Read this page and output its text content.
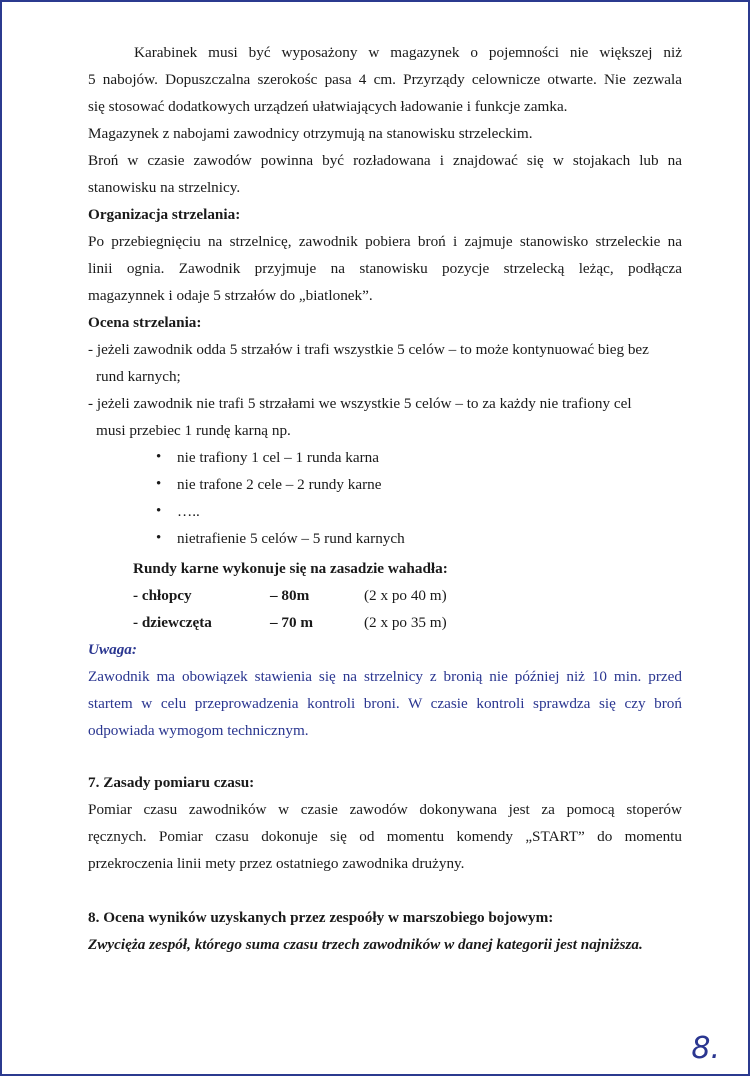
Karabinek musi być wyposażony w magazynek o pojemności nie większej niż

5 nabojów. Dopuszczalna szerokośc pasa 4 cm. Przyrządy celownicze otwarte. Nie zezwala

się stosować dodatkowych urządzeń ułatwiających ładowanie i funkcje zamka.

Magazynek z nabojami zawodnicy otrzymują na stanowisku strzeleckim.

Broń w czasie zawodów powinna być rozładowana i znajdować się w stojakach lub na

stanowisku na strzelnicy.

Organizacja strzelania:

Po przebiegnięciu na strzelnicę, zawodnik pobiera broń i zajmuje stanowisko strzeleckie na

linii ognia. Zawodnik przyjmuje na stanowisku pozycje strzelecką leżąc, podłącza

magazynnek i odaje 5 strzałów do „biatlonek”.

Ocena strzelania:

- jeżeli zawodnik odda 5 strzałów i trafi wszystkie 5 celów – to może kontynuować bieg bez

rund karnych;

- jeżeli zawodnik nie trafi 5 strzałami we wszystkie 5 celów – to za każdy nie trafiony cel

musi przebiec 1 rundę karną np.

• nie trafiony 1 cel – 1 runda karna
• nie trafone 2 cele – 2 rundy karne
• …..
• nietrafienie 5 celów – 5 rund karnych

Rundy karne wykonuje się na zasadzie wahadła:

- chłopcy	– 80m	(2 x po 40 m)

- dziewczęta	– 70 m	(2 x po 35 m)

Uwaga:

Zawodnik ma obowiązek stawienia się na strzelnicy z bronią nie później niż 10 min. przed

startem w celu przeprowadzenia kontroli broni. W czasie kontroli sprawdza się czy broń

odpowiada wymogom technicznym.

7. Zasady pomiaru czasu:

Pomiar czasu zawodników w czasie zawodów dokonywana jest za pomocą stoperów

ręcznych. Pomiar czasu dokonuje się od momentu komendy „START” do momentu

przekroczenia linii mety przez ostatniego zawodnika drużyny.

8. Ocena wyników uzyskanych przez zespoóły w marszobiego bojowym:

Zwycięża zespół, którego suma czasu trzech zawodników w danej kategorii jest najniższa.

8.
